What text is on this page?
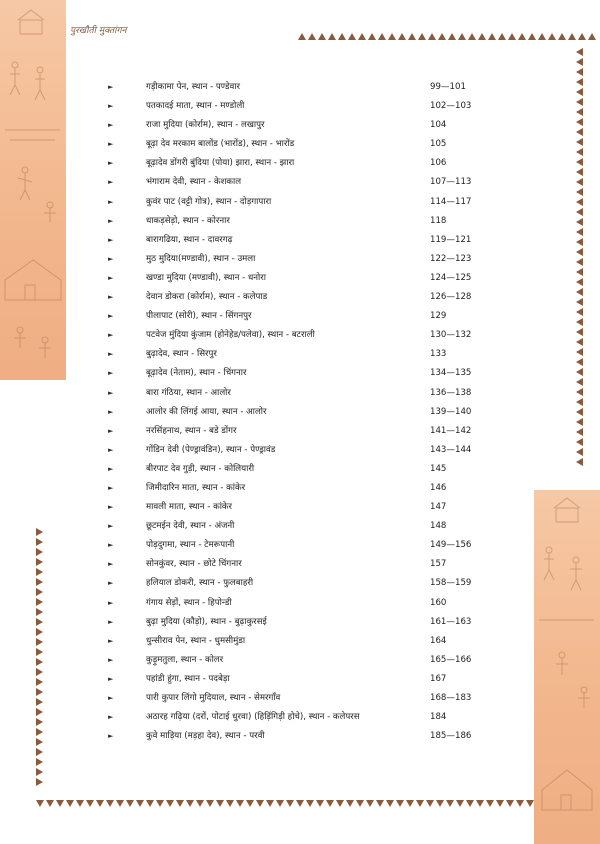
पुरखौती मुक्तांगन
►	गड़ीकामा पेन, स्थान - पण्डेवार	99—101
►	पतकादई माता, स्थान - मण्डोली	102—103
►	राजा मुदिया (कोर्राम), स्थान - लखापुर	104
►	बूढ़ा देव मरकाम बालोंड (भारोंड), स्थान - भारोंड	105
►	बूढ़ादेव डोंगरी बुंदिया (पोया) झारा, स्थान - झारा	106
►	भंगाराम देवी, स्थान - केशकाल	107—113
►	कुवंर पाट (वट्टी गोत्र), स्थान - दोड़गापारा	114—117
►	धाकड़सेड़ो, स्थान - कोरनार	118
►	बारागढिया, स्थान - दावरगढ़	119—121
►	मुठ मुदिया(मण्डावी), स्थान - उमला	122—123
►	खण्डा मुदिया (मण्डावी), स्थान - धनोरा	124—125
►	देवान डोकरा (कोर्राम), स्थान - कलेपाड	126—128
►	पीलापाट (सोरी), स्थान - सिंगनपुर	129
►	पटवेज मुंदिया कुंजाम (होनेहेड/पलेवा), स्थान - बटराली	130—132
►	बुढ़ादेव, स्थान - सिरपुर	133
►	बूढ़ादेव (नेताम), स्थान - चिंगनार	134—135
►	बारा गंठिया, स्थान - आलोर	136—138
►	आलोर की लिंगई आया, स्थान - आलोर	139—140
►	नरसिंहनाथ, स्थान - बडे डोंगर	141—142
►	गोंडिन देवी (पेण्ड्रावंडिन), स्थान - पेण्ड्रावंड	143—144
►	बीरपाट देव गुड़ी, स्थान - कोलियारी	145
►	जिमीदारिन माता, स्थान - कांकेर	146
►	मावली माता, स्थान - कांकेर	147
►	छूटमईन देवी, स्थान - अंजनी	148
►	पोड़दुगमा, स्थान - टेमरूपानी	149—156
►	सोनकुंवर, स्थान - छोटे चिंगनार	157
►	हलियाल डोकरी, स्थान - फुलबाहरी	158—159
►	गंगाय सेड़ों, स्थान - हिपोन्डी	160
►	बुढ़ा मुदिया (कौड़ो), स्थान - बुढ़ाकुरसई	161—163
►	धुन्सीराव पेन, स्थान - धुमसीमुंडा	164
►	कुड़ुमतुला, स्थान - कोलर	165—166
►	पहांडी हुंगा, स्थान - पदबेड़ा	167
►	पारी कुपार लिंगो मुदियाल, स्थान - सेमरगाँव	168—183
►	अठारह गढ़िया (दरों, पोटाई धुरवा) (हिड़िंगिड़ी होचे), स्थान - कलेपरस	184
►	कुवे माड़िया (मड़हा देव), स्थान - परवी	185—186
